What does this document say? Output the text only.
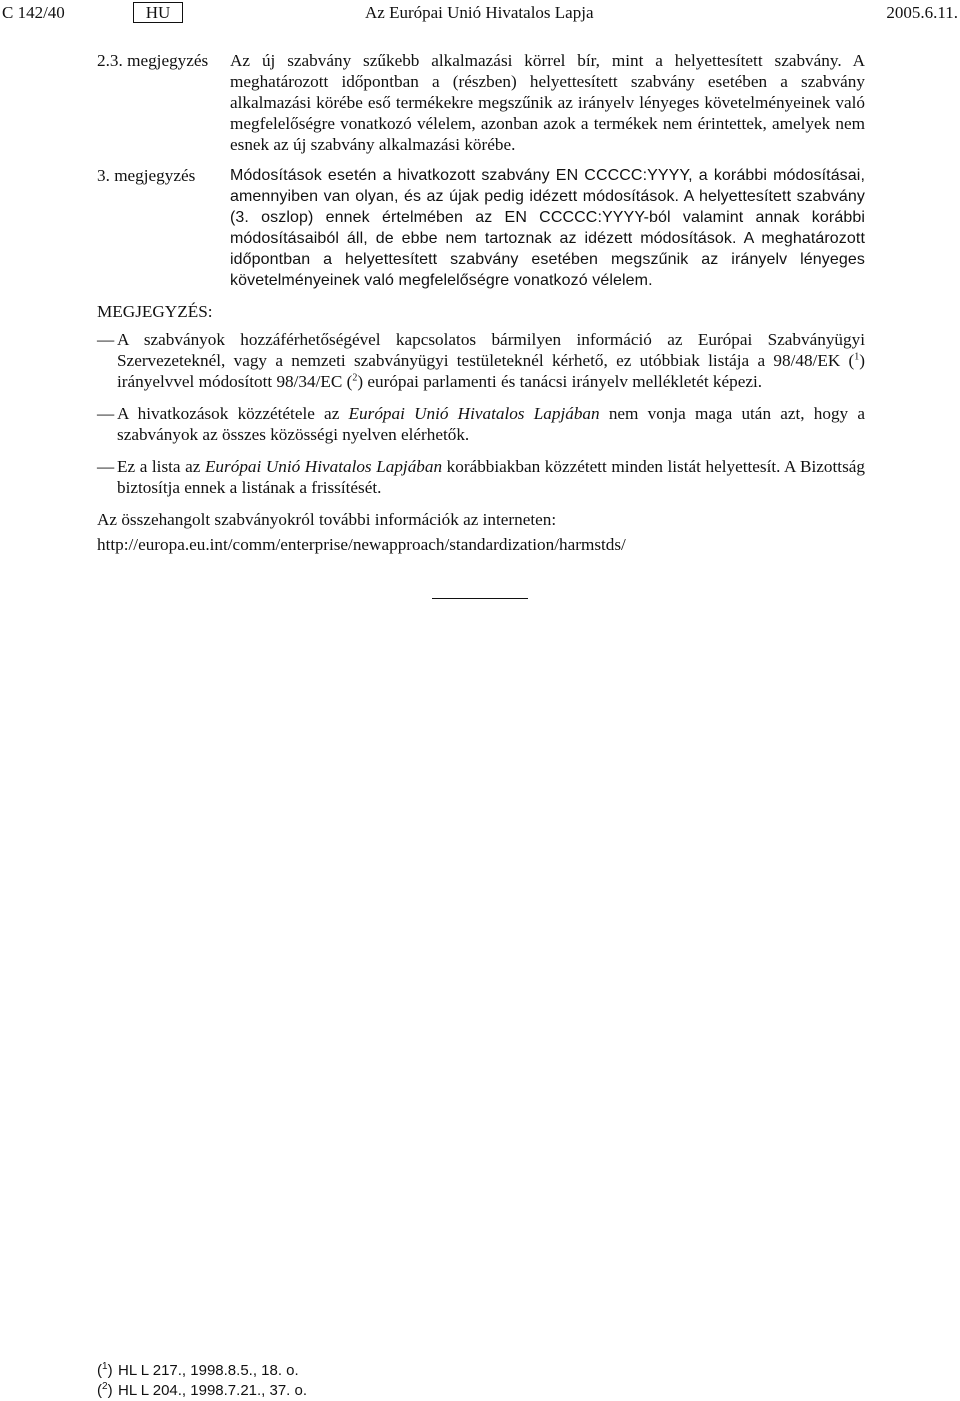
C 142/40	HU	Az Európai Unió Hivatalos Lapja	2005.6.11.
2.3. megjegyzés	Az új szabvány szűkebb alkalmazási körrel bír, mint a helyettesített szabvány. A meghatározott időpontban a (részben) helyettesített szabvány esetében a szabvány alkalmazási körébe eső termékekre megszűnik az irányelv lényeges követelményeinek való megfelelőségre vonatkozó vélelem, azonban azok a termékek nem érintettek, amelyek nem esnek az új szabvány alkalmazási körébe.
3. megjegyzés	Módosítások esetén a hivatkozott szabvány EN CCCCC:YYYY, a korábbi módosításai, amennyiben van olyan, és az újak pedig idézett módosítások. A helyettesített szabvány (3. oszlop) ennek értelmében az EN CCCCC:YYYY-ból valamint annak korábbi módosításaiból áll, de ebbe nem tartoznak az idézett módosítások. A meghatározott időpontban a helyettesített szabvány esetében megszűnik az irányelv lényeges követelményeinek való megfelelőségre vonatkozó vélelem.
MEGJEGYZÉS:
— A szabványok hozzáférhetőségével kapcsolatos bármilyen információ az Európai Szabványügyi Szervezeteknél, vagy a nemzeti szabványügyi testületeknél kérhető, ez utóbbiak listája a 98/48/EK ($^1$) irányelvvel módosított 98/34/EC ($^2$) európai parlamenti és tanácsi irányelv mellékletét képezi.
— A hivatkozások közzététele az Európai Unió Hivatalos Lapjában nem vonja maga után azt, hogy a szabványok az összes közösségi nyelven elérhetők.
— Ez a lista az Európai Unió Hivatalos Lapjában korábbiakban közzétett minden listát helyettesít. A Bizottság biztosítja ennek a listának a frissítését.
Az összehangolt szabványokról további információk az interneten:
http://europa.eu.int/comm/enterprise/newapproach/standardization/harmstds/
($^1$) HL L 217., 1998.8.5., 18. o.
($^2$) HL L 204., 1998.7.21., 37. o.
